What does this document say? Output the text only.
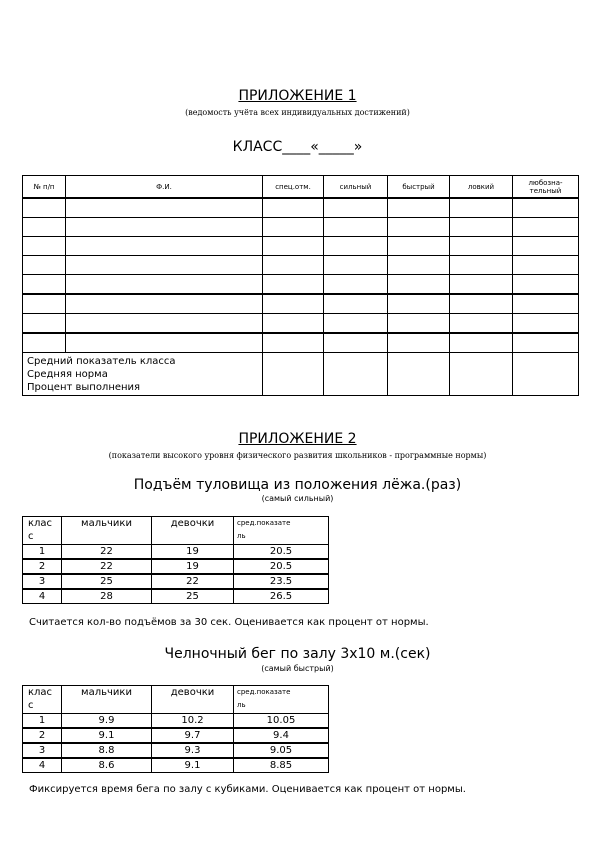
ПРИЛОЖЕНИЕ 1
(ведомость учёта всех индивидуальных достижений)
КЛАСС____«_____»
№ п/п	Ф.И.	спец.отм.	сильный	быстрый	ловкий	любозна-
тельный

Средний показатель класса
Средняя норма
Процент выполнения						

ПРИЛОЖЕНИЕ 2
(показатели высокого уровня физического развития школьников - программные нормы)
Подъём туловища из положения лёжа.(раз)
(самый сильный)
клас
с	мальчики	девочки	сред.показате
ль
1	22	19	20.5
2	22	19	20.5
3	25	22	23.5
4	28	25	26.5
Считается кол-во подъёмов за 30 сек. Оценивается как процент от нормы.
Челночный бег по залу 3х10 м.(сек)
(самый быстрый)
клас
с	мальчики	девочки	сред.показате
ль
1	9.9	10.2	10.05
2	9.1	9.7	9.4
3	8.8	9.3	9.05
4	8.6	9.1	8.85
Фиксируется время бега по залу с кубиками. Оценивается как процент от нормы.
